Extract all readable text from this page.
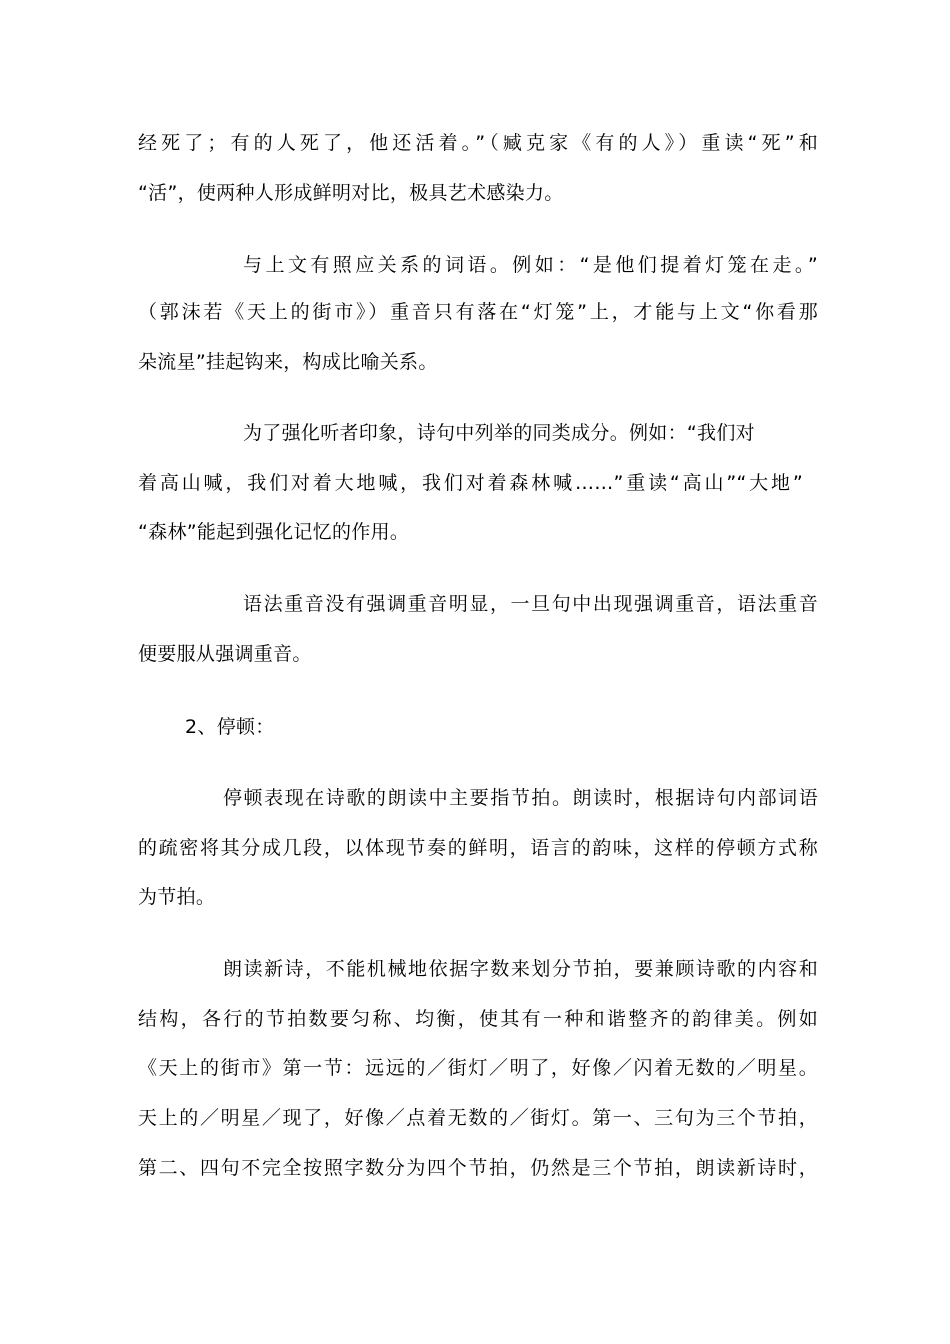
经死了；有的人死了，他还活着。”（臧克家《有的人》）重读“死”和
“活”，使两种人形成鲜明对比，极具艺术感染力。
与上文有照应关系的词语。例如：“是他们提着灯笼在走。”
（郭沫若《天上的街市》）重音只有落在“灯笼”上，才能与上文“你看那
朵流星”挂起钩来，构成比喻关系。
为了强化听者印象，诗句中列举的同类成分。例如：“我们对
着高山喊，我们对着大地喊，我们对着森林喊……”重读“高山”“大地”
“森林”能起到强化记忆的作用。
语法重音没有强调重音明显，一旦句中出现强调重音，语法重音
便要服从强调重音。
2、停顿：
停顿表现在诗歌的朗读中主要指节拍。朗读时，根据诗句内部词语
的疏密将其分成几段，以体现节奏的鲜明，语言的韵味，这样的停顿方式称
为节拍。
朗读新诗，不能机械地依据字数来划分节拍，要兼顾诗歌的内容和
结构，各行的节拍数要匀称、均衡，使其有一种和谐整齐的韵律美。例如
《天上的街市》第一节：远远的／街灯／明了，好像／闪着无数的／明星。
天上的／明星／现了，好像／点着无数的／街灯。第一、三句为三个节拍，
第二、四句不完全按照字数分为四个节拍，仍然是三个节拍，朗读新诗时，
